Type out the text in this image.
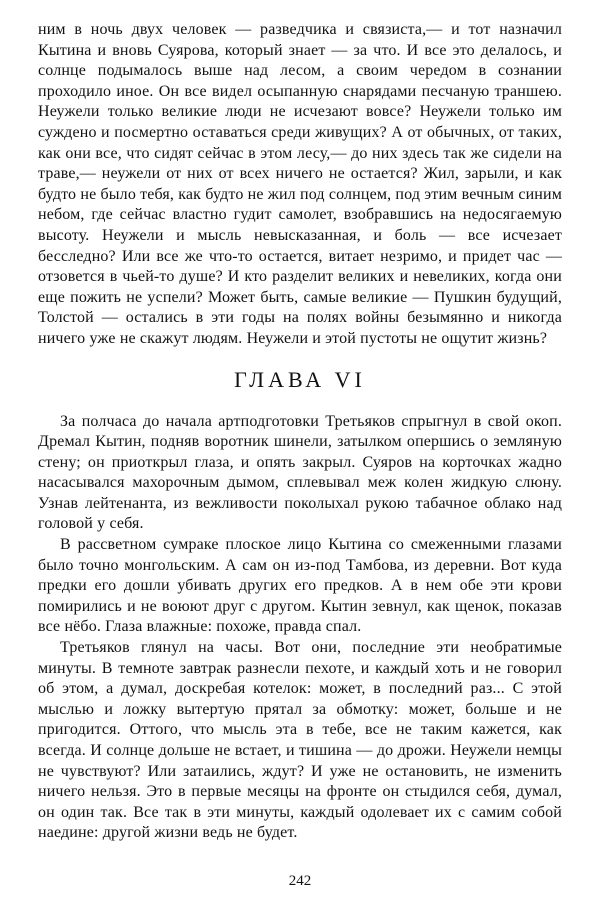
ним в ночь двух человек — разведчика и связиста,— и тот назначил Кытина и вновь Суярова, который знает — за что. И все это делалось, и солнце подымалось выше над лесом, а своим чередом в сознании проходило иное. Он все видел осыпанную снарядами песчаную траншею. Неужели только великие люди не исчезают вовсе? Неужели только им суждено и посмертно оставаться среди живущих? А от обычных, от таких, как они все, что сидят сейчас в этом лесу,— до них здесь так же сидели на траве,— неужели от них от всех ничего не остается? Жил, зарыли, и как будто не было тебя, как будто не жил под солнцем, под этим вечным синим небом, где сейчас властно гудит самолет, взобравшись на недосягаемую высоту. Неужели и мысль невысказанная, и боль — все исчезает бесследно? Или все же что-то остается, витает незримо, и придет час — отзовется в чьей-то душе? И кто разделит великих и невеликих, когда они еще пожить не успели? Может быть, самые великие — Пушкин будущий, Толстой — остались в эти годы на полях войны безымянно и никогда ничего уже не скажут людям. Неужели и этой пустоты не ощутит жизнь?

ГЛАВА VI

За полчаса до начала артподготовки Третьяков спрыгнул в свой окоп. Дремал Кытин, подняв воротник шинели, затылком опершись о земляную стену; он приоткрыл глаза, и опять закрыл. Суяров на корточках жадно насасывался махорочным дымом, сплевывал меж колен жидкую слюну. Узнав лейтенанта, из вежливости поколыхал рукою табачное облако над головой у себя.

В рассветном сумраке плоское лицо Кытина со смеженными глазами было точно монгольским. А сам он из-под Тамбова, из деревни. Вот куда предки его дошли убивать других его предков. А в нем обе эти крови помирились и не воюют друг с другом. Кытин зевнул, как щенок, показав все нёбо. Глаза влажные: похоже, правда спал.

Третьяков глянул на часы. Вот они, последние эти необратимые минуты. В темноте завтрак разнесли пехоте, и каждый хоть и не говорил об этом, а думал, доскребая котелок: может, в последний раз... С этой мыслью и ложку вытертую прятал за обмотку: может, больше и не пригодится. Оттого, что мысль эта в тебе, все не таким кажется, как всегда. И солнце дольше не встает, и тишина — до дрожи. Неужели немцы не чувствуют? Или затаились, ждут? И уже не остановить, не изменить ничего нельзя. Это в первые месяцы на фронте он стыдился себя, думал, он один так. Все так в эти минуты, каждый одолевает их с самим собой наедине: другой жизни ведь не будет.

242
